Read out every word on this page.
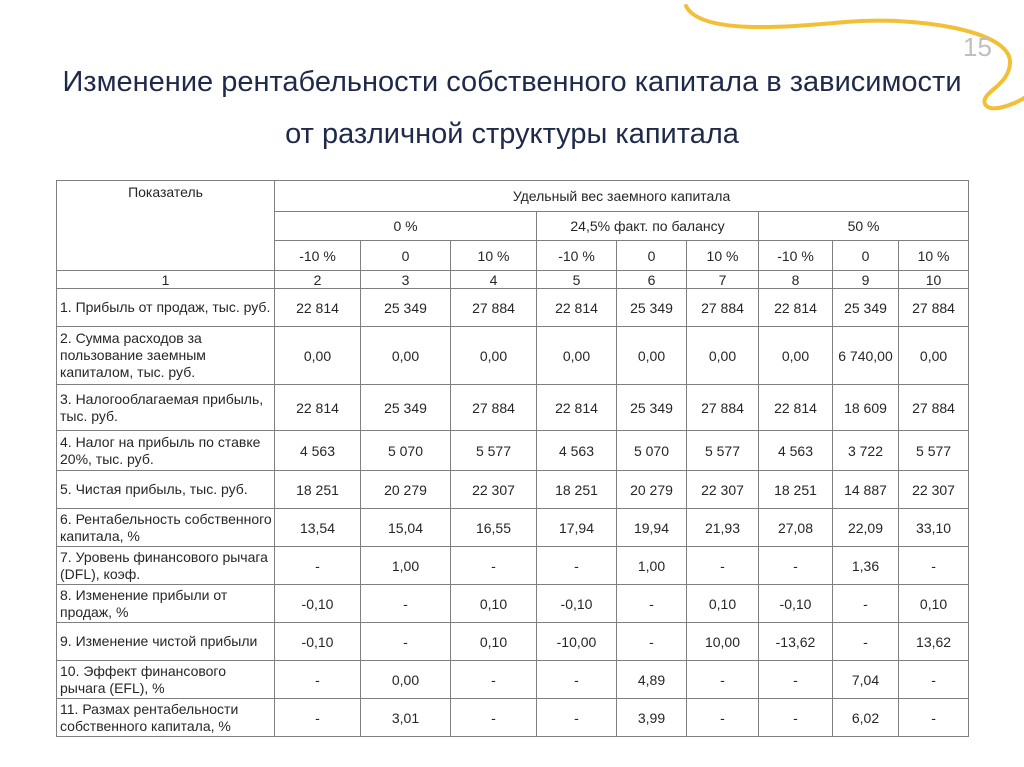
15
Изменение рентабельности собственного капитала в зависимости
от различной структуры капитала
Показатель	Удельный вес заемного капитала								
	0 %			24,5% факт. по балансу			50 %		
	-10 %	0	10 %	-10 %	0	10 %	-10 %	0	10 %
1	2	3	4	5	6	7	8	9	10
1. Прибыль от продаж, тыс. руб.	22 814	25 349	27 884	22 814	25 349	27 884	22 814	25 349	27 884
2. Сумма расходов за пользование заемным капиталом, тыс. руб.	0,00	0,00	0,00	0,00	0,00	0,00	0,00	6 740,00	0,00
3. Налогооблагаемая прибыль, тыс. руб.	22 814	25 349	27 884	22 814	25 349	27 884	22 814	18 609	27 884
4. Налог на прибыль по ставке 20%, тыс. руб.	4 563	5 070	5 577	4 563	5 070	5 577	4 563	3 722	5 577
5. Чистая прибыль, тыс. руб.	18 251	20 279	22 307	18 251	20 279	22 307	18 251	14 887	22 307
6. Рентабельность собственного капитала, %	13,54	15,04	16,55	17,94	19,94	21,93	27,08	22,09	33,10
7. Уровень финансового рычага (DFL), коэф.	-	1,00	-	-	1,00	-	-	1,36	-
8. Изменение прибыли от продаж, %	-0,10	-	0,10	-0,10	-	0,10	-0,10	-	0,10
9. Изменение чистой прибыли	-0,10	-	0,10	-10,00	-	10,00	-13,62	-	13,62
10. Эффект финансового рычага (EFL), %	-	0,00	-	-	4,89	-	-	7,04	-
11. Размах рентабельности собственного капитала, %	-	3,01	-	-	3,99	-	-	6,02	-
